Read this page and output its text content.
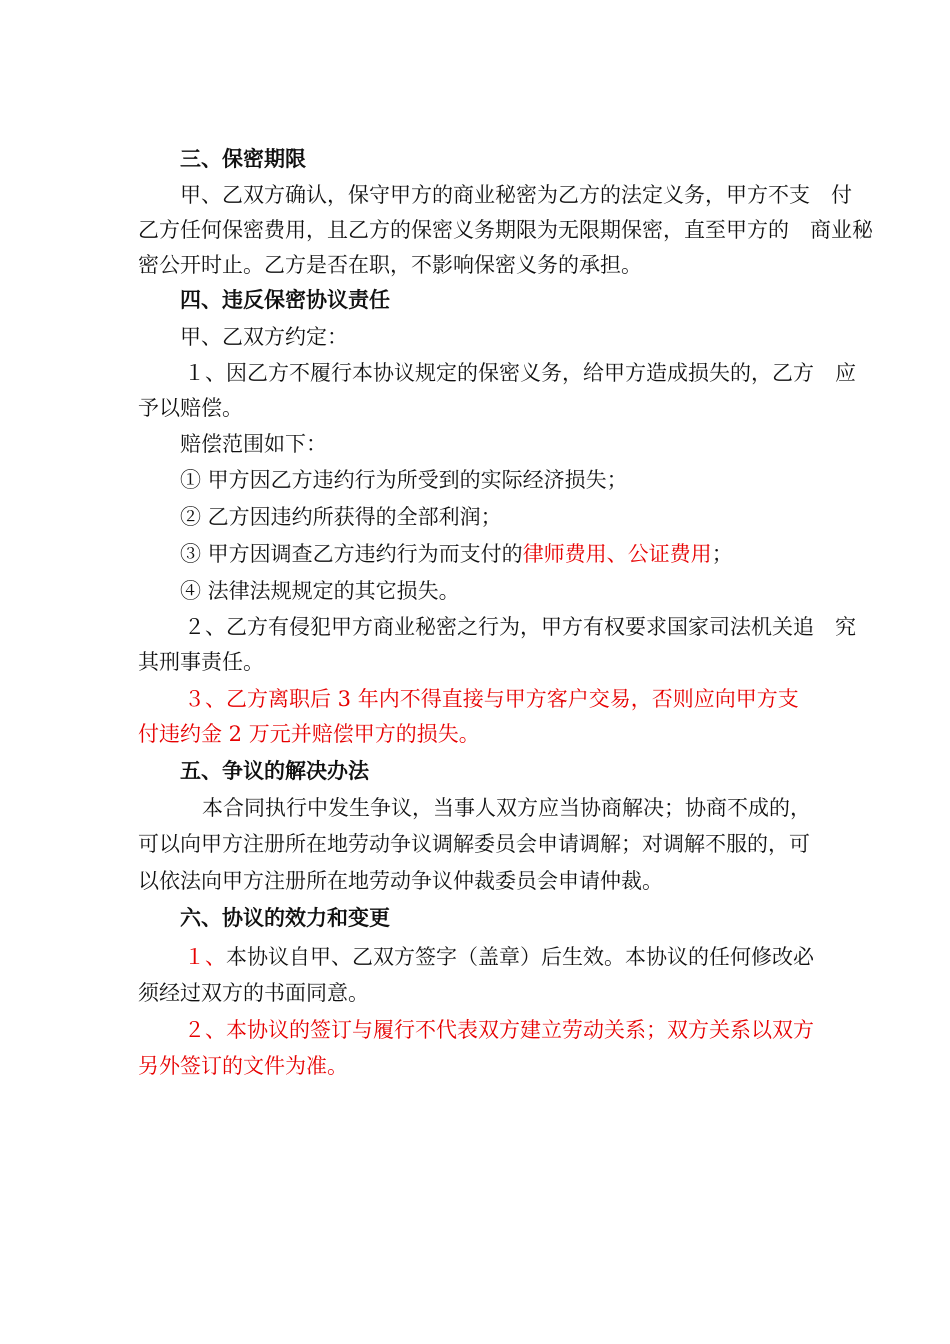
三、保密期限
甲、乙双方确认，保守甲方的商业秘密为乙方的法定义务，甲方不支　付
乙方任何保密费用，且乙方的保密义务期限为无限期保密，直至甲方的　商业秘
密公开时止。乙方是否在职，不影响保密义务的承担。
四、违反保密协议责任
甲、乙双方约定：
１、因乙方不履行本协议规定的保密义务，给甲方造成损失的，乙方　应
予以赔偿。
赔偿范围如下：
① 甲方因乙方违约行为所受到的实际经济损失；
② 乙方因违约所获得的全部利润；
③ 甲方因调查乙方违约行为而支付的律师费用、公证费用；
④ 法律法规规定的其它损失。
２、乙方有侵犯甲方商业秘密之行为，甲方有权要求国家司法机关追　究
其刑事责任。
３、乙方离职后 3 年内不得直接与甲方客户交易，否则应向甲方支
付违约金 2 万元并赔偿甲方的损失。
五、争议的解决办法
本合同执行中发生争议，当事人双方应当协商解决；协商不成的，
可以向甲方注册所在地劳动争议调解委员会申请调解；对调解不服的，可
以依法向甲方注册所在地劳动争议仲裁委员会申请仲裁。
六、协议的效力和变更
１、本协议自甲、乙双方签字（盖章）后生效。本协议的任何修改必
须经过双方的书面同意。
２、本协议的签订与履行不代表双方建立劳动关系；双方关系以双方
另外签订的文件为准。
